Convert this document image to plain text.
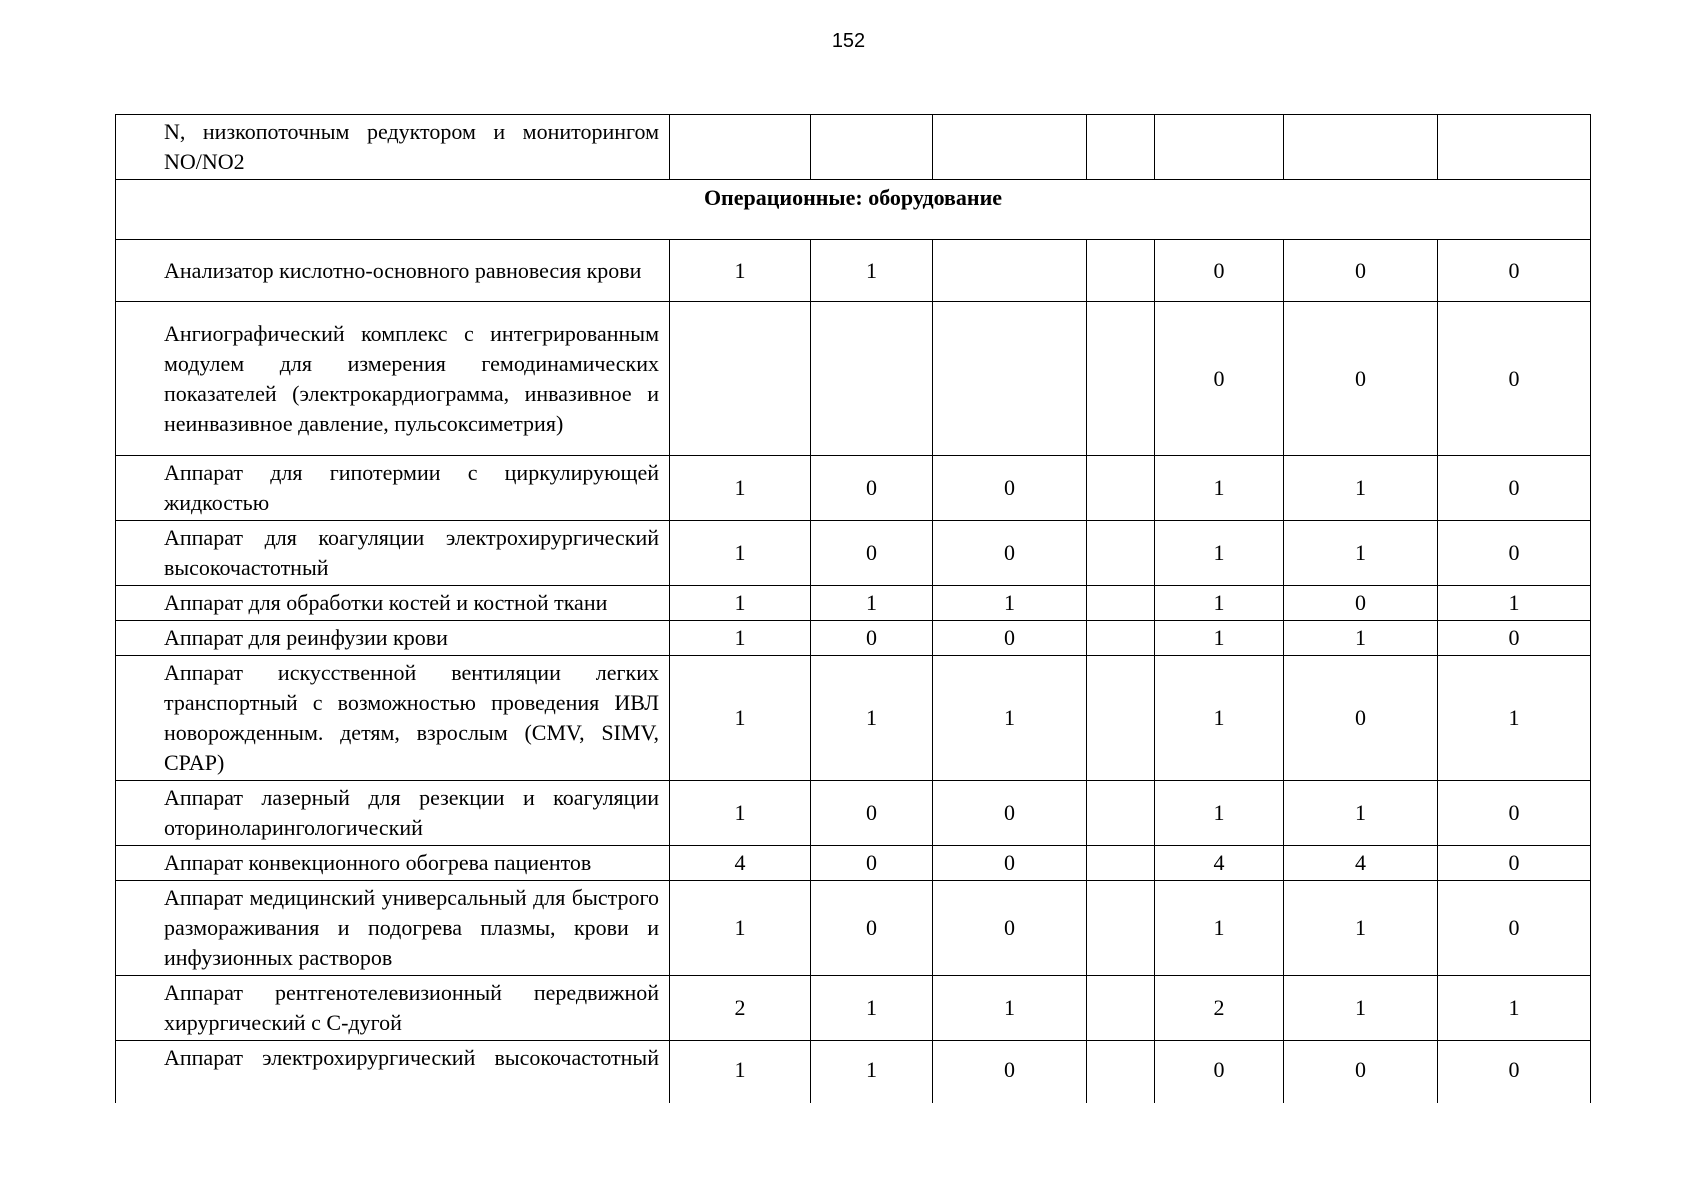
152
N, низкопоточным редуктором и мониторингом NO/NO2							
Операционные: оборудование							
Анализатор кислотно-основного равновесия крови	1	1			0	0	0
Ангиографический комплекс с интегрированным модулем для измерения гемодинамических показателей (электрокардиограмма, инвазивное и неинвазивное давление, пульсоксиметрия)					0	0	0
Аппарат для гипотермии с циркулирующей жидкостью	1	0	0		1	1	0
Аппарат для коагуляции электрохирургический высокочастотный	1	0	0		1	1	0
Аппарат для обработки костей и костной ткани	1	1	1		1	0	1
Аппарат для реинфузии крови	1	0	0		1	1	0
Аппарат искусственной вентиляции легких транспортный с возможностью проведения ИВЛ новорожденным. детям, взрослым (CMV, SIMV, CPAP)	1	1	1		1	0	1
Аппарат лазерный для резекции и коагуляции оториноларингологический	1	0	0		1	1	0
Аппарат конвекционного обогрева пациентов	4	0	0		4	4	0
Аппарат медицинский универсальный для быстрого размораживания и подогрева плазмы, крови и инфузионных растворов	1	0	0		1	1	0
Аппарат рентгенотелевизионный передвижной хирургический с С-дугой	2	1	1		2	1	1
Аппарат электрохирургический высокочастотный	1	1	0		0	0	0
